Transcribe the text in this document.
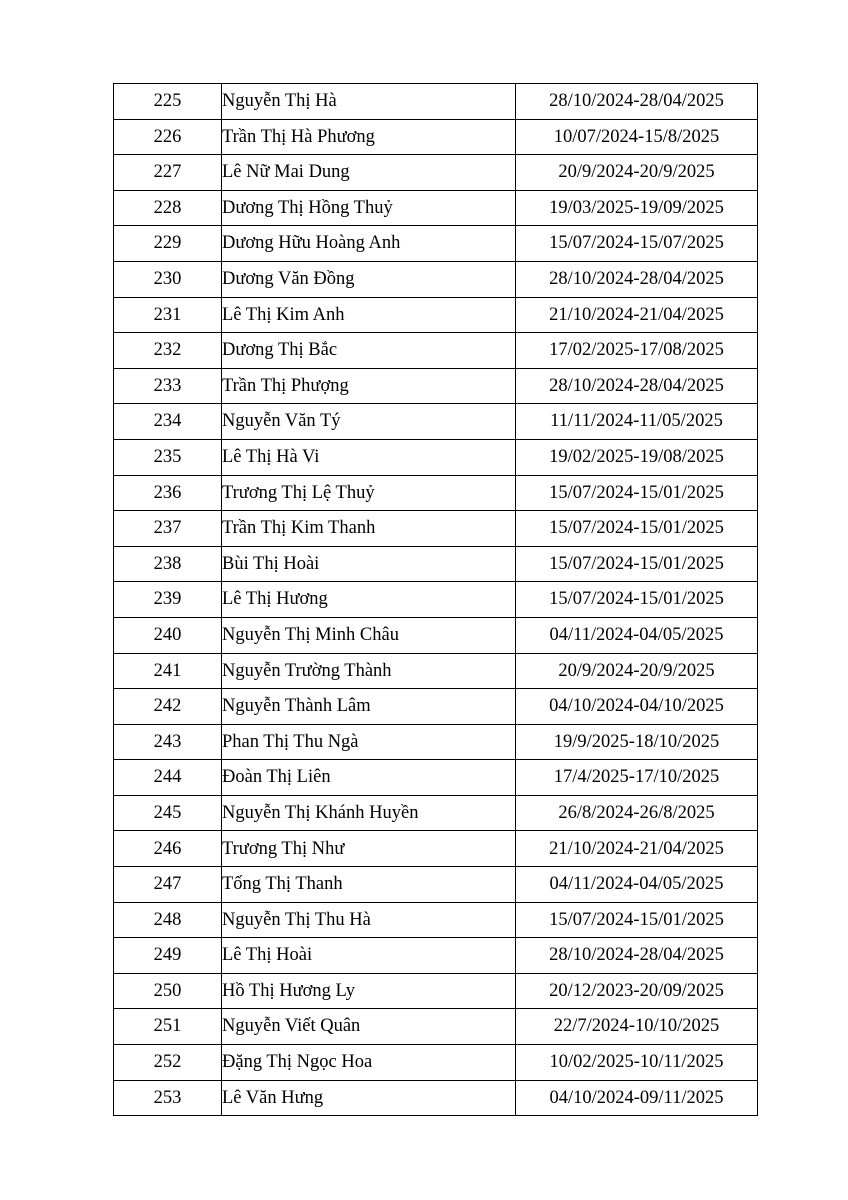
225	Nguyễn Thị Hà	28/10/2024-28/04/2025
226	Trần Thị Hà Phương	10/07/2024-15/8/2025
227	Lê Nữ Mai Dung	20/9/2024-20/9/2025
228	Dương Thị Hồng Thuỷ	19/03/2025-19/09/2025
229	Dương Hữu Hoàng Anh	15/07/2024-15/07/2025
230	Dương Văn Đồng	28/10/2024-28/04/2025
231	Lê Thị Kim Anh	21/10/2024-21/04/2025
232	Dương Thị Bắc	17/02/2025-17/08/2025
233	Trần Thị Phượng	28/10/2024-28/04/2025
234	Nguyễn Văn Tý	11/11/2024-11/05/2025
235	Lê Thị Hà Vi	19/02/2025-19/08/2025
236	Trương Thị Lệ Thuỷ	15/07/2024-15/01/2025
237	Trần Thị Kim Thanh	15/07/2024-15/01/2025
238	Bùi Thị Hoài	15/07/2024-15/01/2025
239	Lê Thị Hương	15/07/2024-15/01/2025
240	Nguyễn Thị Minh Châu	04/11/2024-04/05/2025
241	Nguyễn Trường Thành	20/9/2024-20/9/2025
242	Nguyễn Thành Lâm	04/10/2024-04/10/2025
243	Phan Thị Thu Ngà	19/9/2025-18/10/2025
244	Đoàn Thị Liên	17/4/2025-17/10/2025
245	Nguyễn Thị Khánh Huyền	26/8/2024-26/8/2025
246	Trương Thị Như	21/10/2024-21/04/2025
247	Tống Thị Thanh	04/11/2024-04/05/2025
248	Nguyễn Thị Thu Hà	15/07/2024-15/01/2025
249	Lê Thị Hoài	28/10/2024-28/04/2025
250	Hồ Thị Hương Ly	20/12/2023-20/09/2025
251	Nguyễn Viết Quân	22/7/2024-10/10/2025
252	Đặng Thị Ngọc Hoa	10/02/2025-10/11/2025
253	Lê Văn Hưng	04/10/2024-09/11/2025
